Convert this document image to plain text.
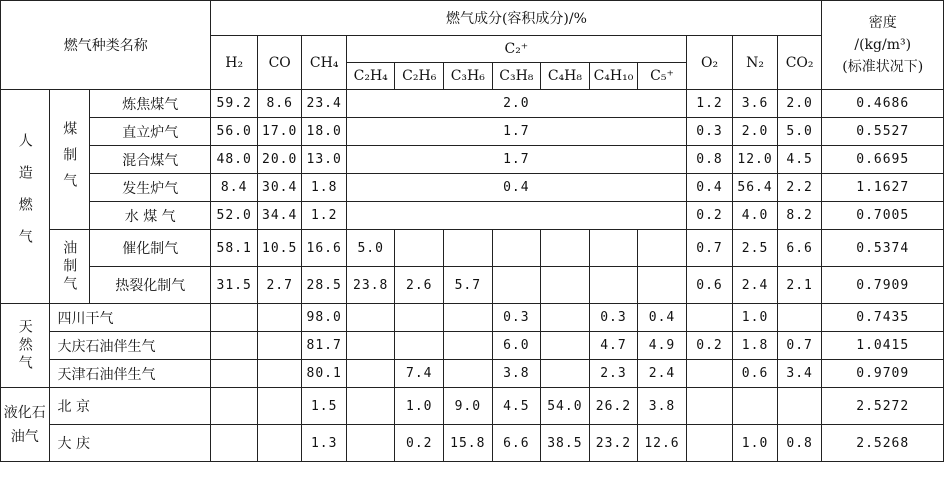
燃气种类名称			燃气成分(容积成分)/%													密度
/(kg/m³)
(标准状况下)

			H₂	CO	CH₄	C₂⁺							O₂	N₂	CO₂	
						C₂H₄	C₂H₆	C₃H₆	C₃H₈	C₄H₈	C₄H₁₀	C₅⁺				
人造燃气	煤制气	炼焦煤气	59.2	8.6	23.4	2.0							1.2	3.6	2.0	0.4686
		直立炉气	56.0	17.0	18.0	1.7							0.3	2.0	5.0	0.5527
		混合煤气	48.0	20.0	13.0	1.7							0.8	12.0	4.5	0.6695
		发生炉气	8.4	30.4	1.8	0.4							0.4	56.4	2.2	1.1627
		水 煤 气	52.0	34.4	1.2								0.2	4.0	8.2	0.7005
	油制气	催化制气	58.1	10.5	16.6	5.0							0.7	2.5	6.6	0.5374
		热裂化制气	31.5	2.7	28.5	23.8	2.6	5.7					0.6	2.4	2.1	0.7909
天然气	四川干气				98.0				0.3		0.3	0.4		1.0		0.7435
	大庆石油伴生气				81.7				6.0		4.7	4.9	0.2	1.8	0.7	1.0415
	天津石油伴生气				80.1		7.4		3.8		2.3	2.4		0.6	3.4	0.9709
液化石油气	北 京				1.5		1.0	9.0	4.5	54.0	26.2	3.8				2.5272
	大 庆				1.3		0.2	15.8	6.6	38.5	23.2	12.6		1.0	0.8	2.5268
